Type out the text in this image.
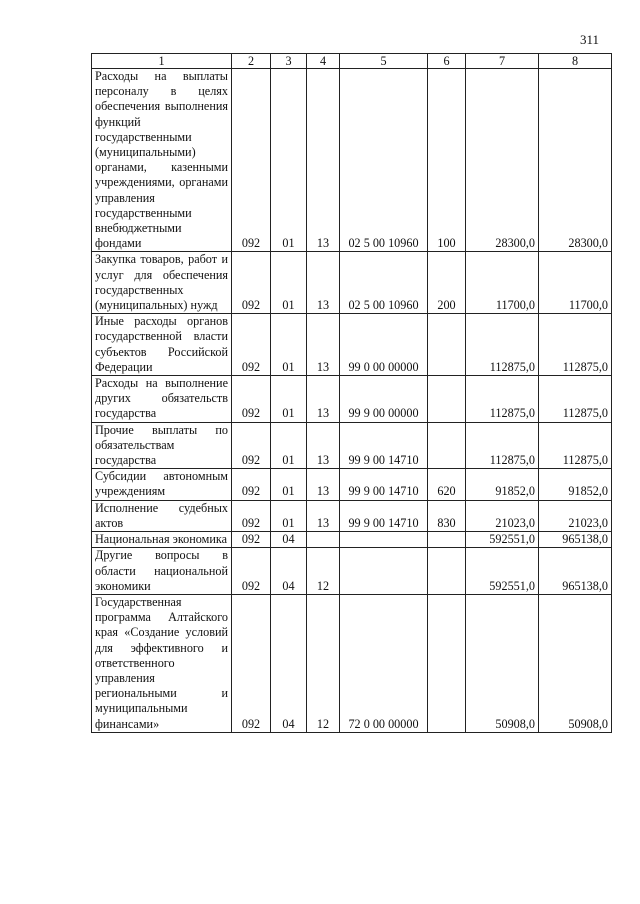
311
1	2	3	4	5	6	7	8
Расходы на выплаты персоналу в целях обеспечения выполнения функций государственными (муниципальными) органами, казенными учреждениями, органами управления государственными внебюджетными фондами	092	01	13	02 5 00 10960	100	28300,0	28300,0
Закупка товаров, работ и услуг для обеспечения государственных (муниципальных) нужд	092	01	13	02 5 00 10960	200	11700,0	11700,0
Иные расходы органов государственной власти субъектов Российской Федерации	092	01	13	99 0 00 00000		112875,0	112875,0
Расходы на выполнение других обязательств государства	092	01	13	99 9 00 00000		112875,0	112875,0
Прочие выплаты по обязательствам государства	092	01	13	99 9 00 14710		112875,0	112875,0
Субсидии автономным учреждениям	092	01	13	99 9 00 14710	620	91852,0	91852,0
Исполнение судебных актов	092	01	13	99 9 00 14710	830	21023,0	21023,0
Национальная экономика	092	04				592551,0	965138,0
Другие вопросы в области национальной экономики	092	04	12			592551,0	965138,0
Государственная программа Алтайского края «Создание условий для эффективного и ответственного управления региональными и муниципальными финансами»	092	04	12	72 0 00 00000		50908,0	50908,0
